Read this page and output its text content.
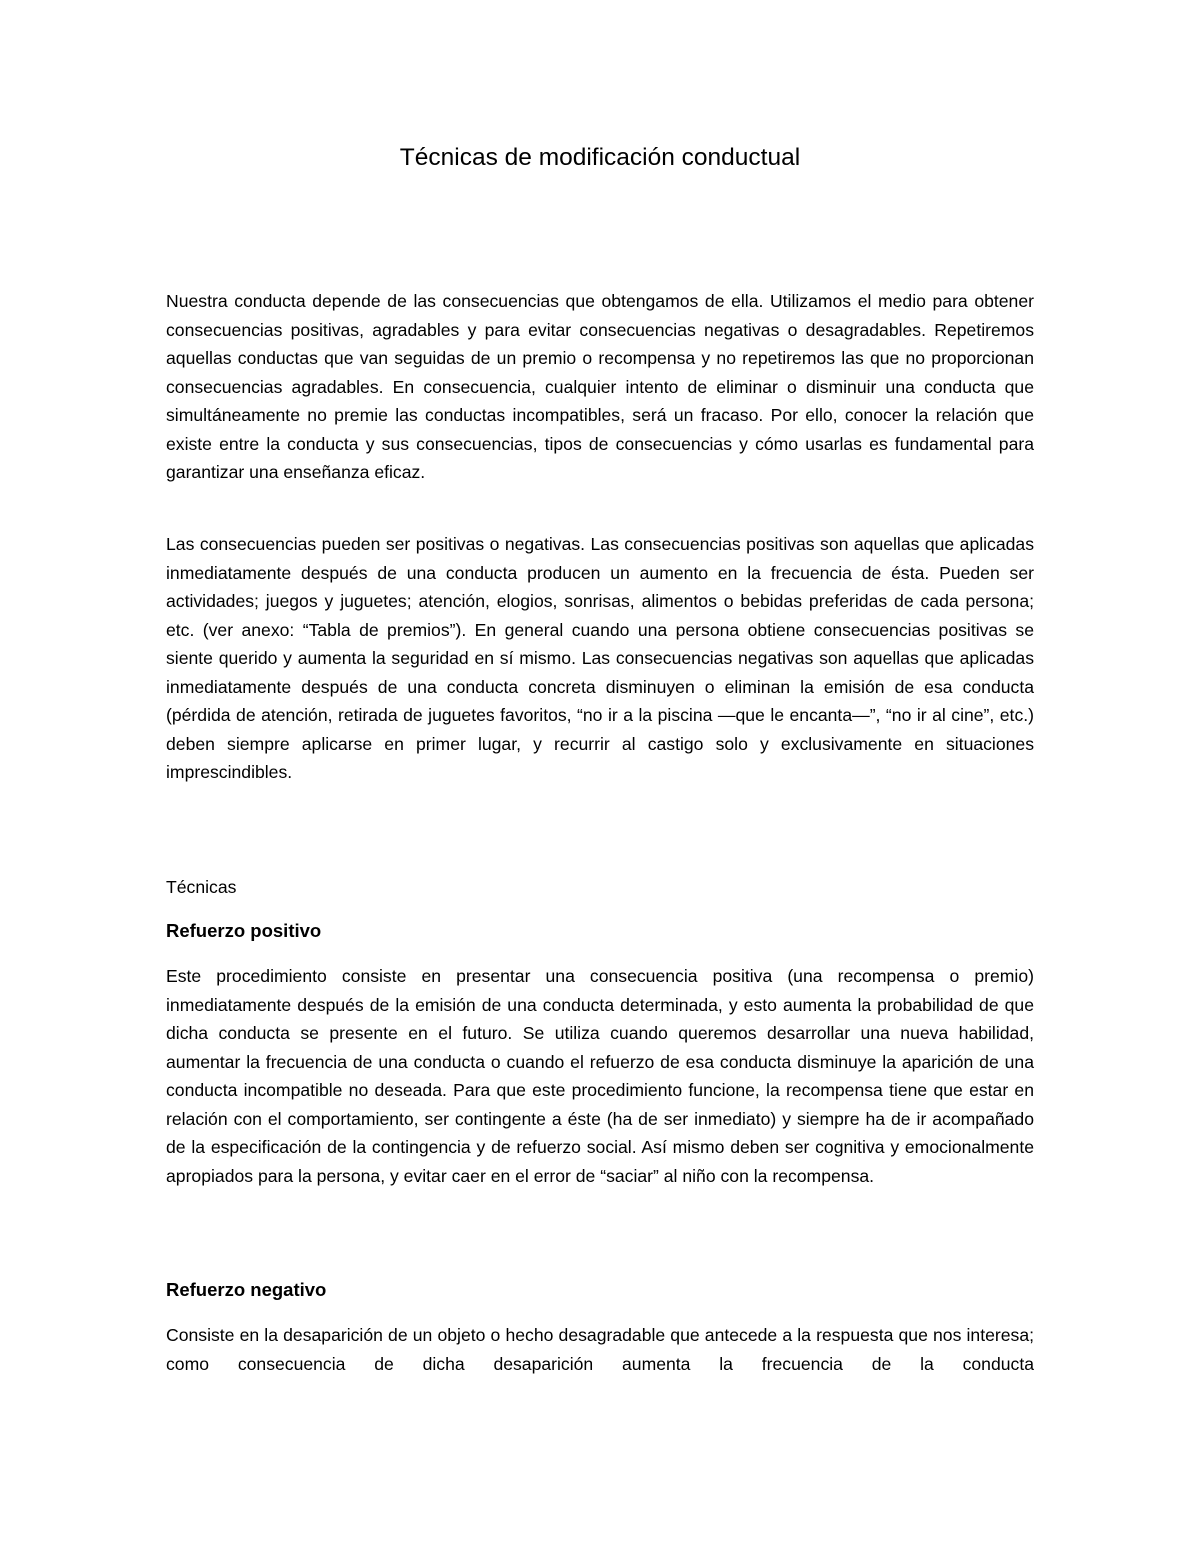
Técnicas de modificación conductual

Nuestra conducta depende de las consecuencias que obtengamos de ella. Utilizamos el medio para obtener consecuencias positivas, agradables y para evitar consecuencias negativas o desagradables. Repetiremos aquellas conductas que van seguidas de un premio o recompensa y no repetiremos las que no proporcionan consecuencias agradables. En consecuencia, cualquier intento de eliminar o disminuir una conducta que simultáneamente no premie las conductas incompatibles, será un fracaso. Por ello, conocer la relación que existe entre la conducta y sus consecuencias, tipos de consecuencias y cómo usarlas es fundamental para garantizar una enseñanza eficaz.

Las consecuencias pueden ser positivas o negativas. Las consecuencias positivas son aquellas que aplicadas inmediatamente después de una conducta producen un aumento en la frecuencia de ésta. Pueden ser actividades; juegos y juguetes; atención, elogios, sonrisas, alimentos o bebidas preferidas de cada persona; etc. (ver anexo: “Tabla de premios”). En general cuando una persona obtiene consecuencias positivas se siente querido y aumenta la seguridad en sí mismo. Las consecuencias negativas son aquellas que aplicadas inmediatamente después de una conducta concreta disminuyen o eliminan la emisión de esa conducta (pérdida de atención, retirada de juguetes favoritos, “no ir a la piscina —que le encanta—”, “no ir al cine”, etc.) deben siempre aplicarse en primer lugar, y recurrir al castigo solo y exclusivamente en situaciones imprescindibles.

Técnicas

Refuerzo positivo

Este procedimiento consiste en presentar una consecuencia positiva (una recompensa o premio) inmediatamente después de la emisión de una conducta determinada, y esto aumenta la probabilidad de que dicha conducta se presente en el futuro. Se utiliza cuando queremos desarrollar una nueva habilidad, aumentar la frecuencia de una conducta o cuando el refuerzo de esa conducta disminuye la aparición de una conducta incompatible no deseada. Para que este procedimiento funcione, la recompensa tiene que estar en relación con el comportamiento, ser contingente a éste (ha de ser inmediato) y siempre ha de ir acompañado de la especificación de la contingencia y de refuerzo social. Así mismo deben ser cognitiva y emocionalmente apropiados para la persona, y evitar caer en el error de “saciar” al niño con la recompensa.

Refuerzo negativo

Consiste en la desaparición de un objeto o hecho desagradable que antecede a la respuesta que nos interesa; como consecuencia de dicha desaparición aumenta la frecuencia de la conducta
